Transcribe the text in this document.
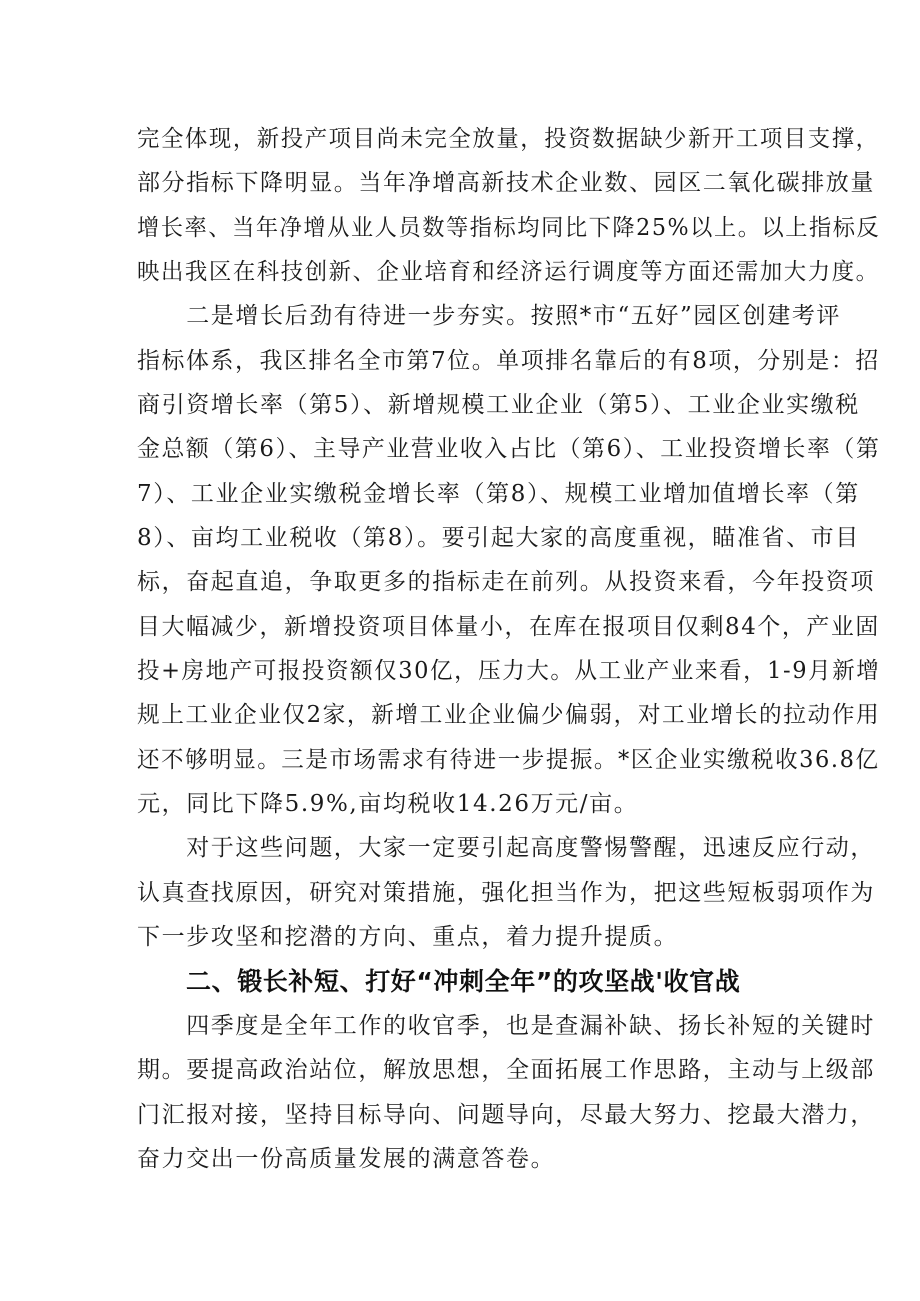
完全体现，新投产项目尚未完全放量，投资数据缺少新开工项目支撑，
部分指标下降明显。当年净增高新技术企业数、园区二氧化碳排放量
增长率、当年净增从业人员数等指标均同比下降25%以上。以上指标反
映出我区在科技创新、企业培育和经济运行调度等方面还需加大力度。
　　二是增长后劲有待进一步夯实。按照*市“五好”园区创建考评
指标体系，我区排名全市第7位。单项排名靠后的有8项，分别是：招
商引资增长率（第5）、新增规模工业企业（第5）、工业企业实缴税
金总额（第6）、主导产业营业收入占比（第6）、工业投资增长率（第
7）、工业企业实缴税金增长率（第8）、规模工业增加值增长率（第
8）、亩均工业税收（第8）。要引起大家的高度重视，瞄准省、市目
标，奋起直追，争取更多的指标走在前列。从投资来看，今年投资项
目大幅减少，新增投资项目体量小，在库在报项目仅剩84个，产业固
投+房地产可报投资额仅30亿，压力大。从工业产业来看，1-9月新增
规上工业企业仅2家，新增工业企业偏少偏弱，对工业增长的拉动作用
还不够明显。三是市场需求有待进一步提振。*区企业实缴税收36.8亿
元，同比下降5.9%,亩均税收14.26万元/亩。
　　对于这些问题，大家一定要引起高度警惕警醒，迅速反应行动，
认真查找原因，研究对策措施，强化担当作为，把这些短板弱项作为
下一步攻坚和挖潜的方向、重点，着力提升提质。
二、锻长补短、打好“冲刺全年”的攻坚战'收官战
　　四季度是全年工作的收官季，也是查漏补缺、扬长补短的关键时
期。要提高政治站位，解放思想，全面拓展工作思路，主动与上级部
门汇报对接，坚持目标导向、问题导向，尽最大努力、挖最大潜力，
奋力交出一份高质量发展的满意答卷。
